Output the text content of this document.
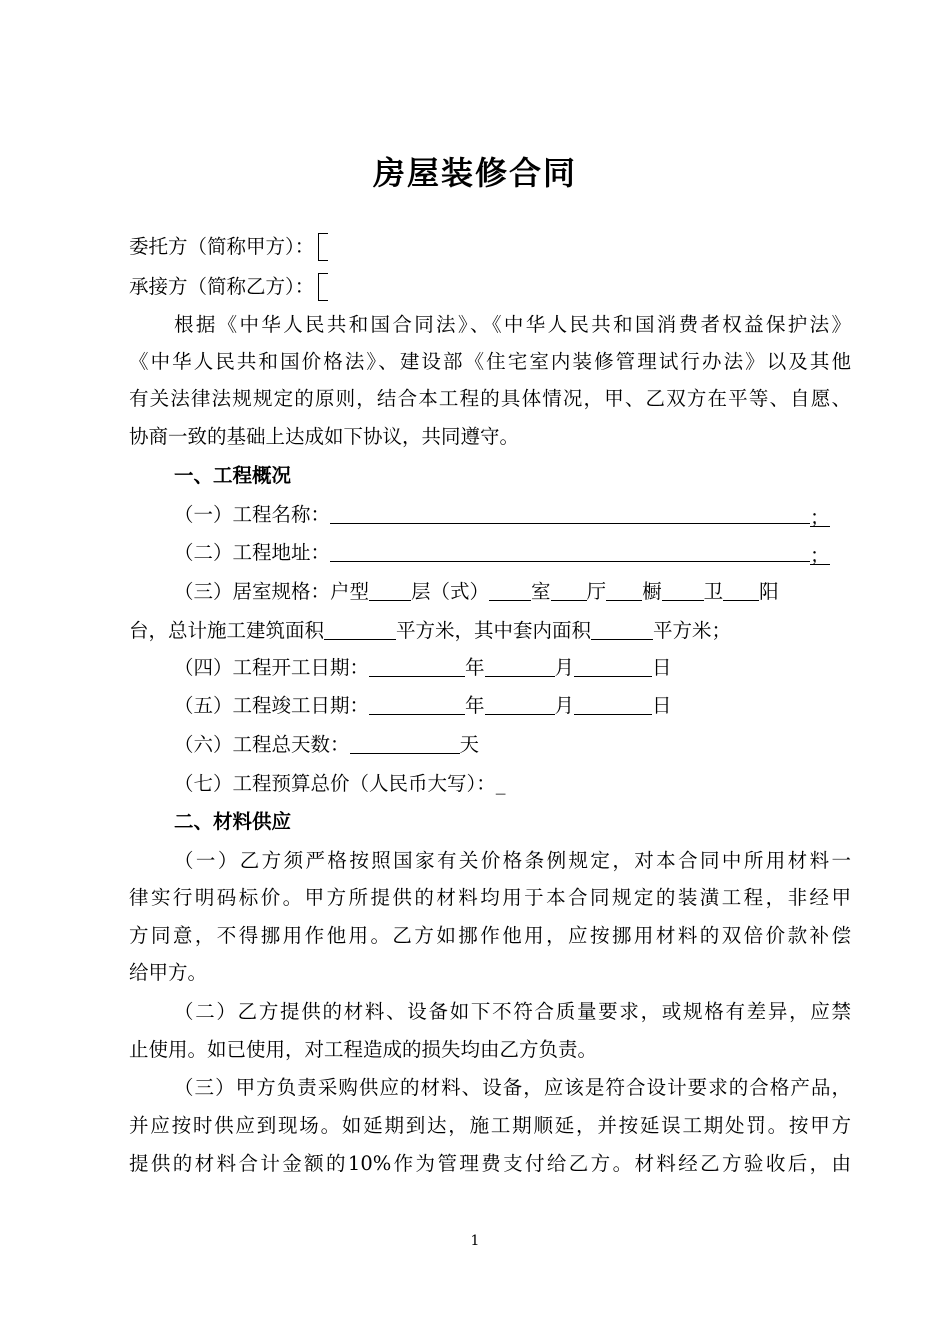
房屋装修合同
委托方（简称甲方）：
承接方（简称乙方）：
根据《中华人民共和国合同法》、《中华人民共和国消费者权益保护法》
《中华人民共和国价格法》、建设部《住宅室内装修管理试行办法》以及其他
有关法律法规规定的原则，结合本工程的具体情况，甲、乙双方在平等、自愿、
协商一致的基础上达成如下协议，共同遵守。
一、工程概况
（一）工程名称：	；
（二）工程地址：	；
（三）居室规格：户型 层（式） 室 厅 橱 卫 阳
台，总计施工建筑面积	平方米，其中套内面积	平方米；
（四）工程开工日期：	年	月	日
（五）工程竣工日期：	年	月	日
（六）工程总天数：	天
（七）工程预算总价（人民币大写）：_
二、材料供应
（一）乙方须严格按照国家有关价格条例规定，对本合同中所用材料一
律实行明码标价。甲方所提供的材料均用于本合同规定的装潢工程，非经甲
方同意，不得挪用作他用。乙方如挪作他用，应按挪用材料的双倍价款补偿
给甲方。
（二）乙方提供的材料、设备如下不符合质量要求，或规格有差异，应禁
止使用。如已使用，对工程造成的损失均由乙方负责。
（三）甲方负责采购供应的材料、设备，应该是符合设计要求的合格产品，
并应按时供应到现场。如延期到达，施工期顺延，并按延误工期处罚。按甲方
提供的材料合计金额的10%作为管理费支付给乙方。材料经乙方验收后，由
1
